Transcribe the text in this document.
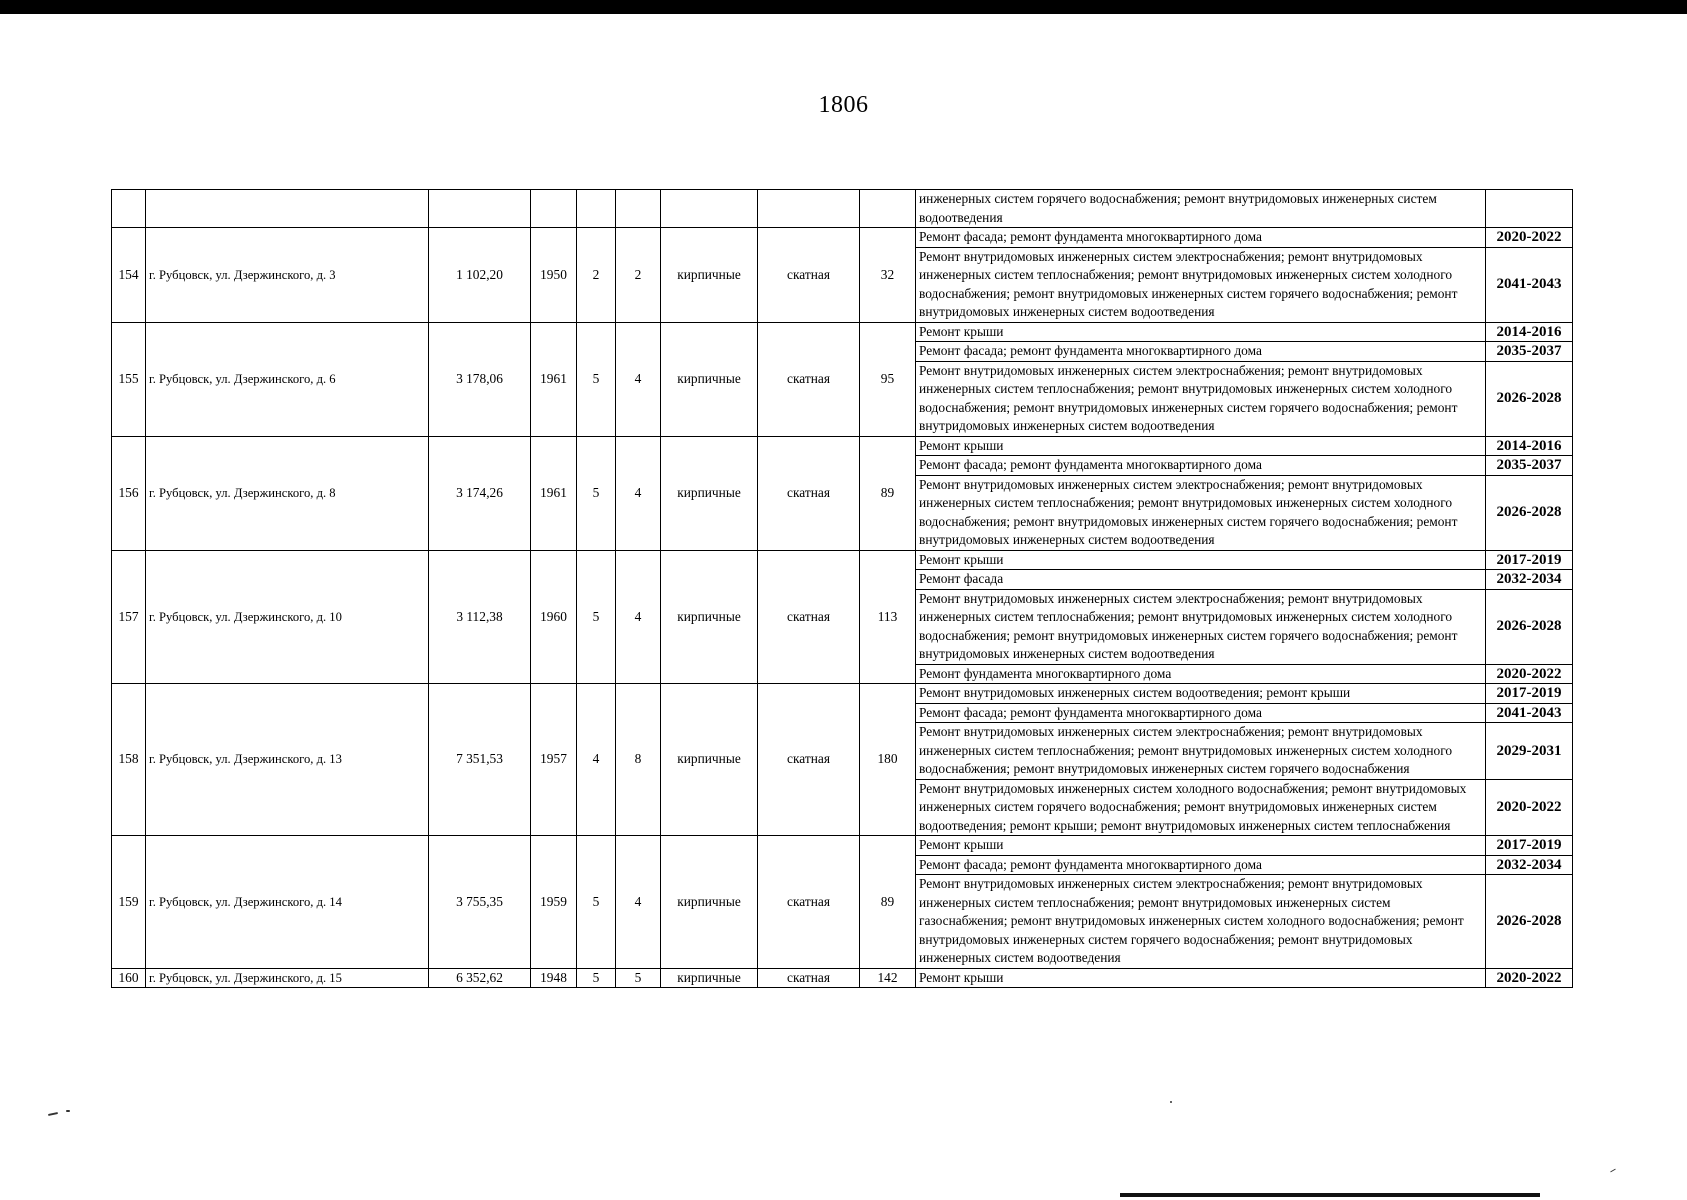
1806
									инженерных систем горячего водоснабжения; ремонт внутридомовых инженерных систем водоотведения	
154	г. Рубцовск, ул. Дзержинского, д. 3	1 102,20	1950	2	2	кирпичные	скатная	32	Ремонт фасада; ремонт фундамента многоквартирного дома	2020-2022
									Ремонт внутридомовых инженерных систем электроснабжения; ремонт внутридомовых инженерных систем теплоснабжения; ремонт внутридомовых инженерных систем холодного водоснабжения; ремонт внутридомовых инженерных систем горячего водоснабжения; ремонт внутридомовых инженерных систем водоотведения	2041-2043
155	г. Рубцовск, ул. Дзержинского, д. 6	3 178,06	1961	5	4	кирпичные	скатная	95	Ремонт крыши	2014-2016
									Ремонт фасада; ремонт фундамента многоквартирного дома	2035-2037
									Ремонт внутридомовых инженерных систем электроснабжения; ремонт внутридомовых инженерных систем теплоснабжения; ремонт внутридомовых инженерных систем холодного водоснабжения; ремонт внутридомовых инженерных систем горячего водоснабжения; ремонт внутридомовых инженерных систем водоотведения	2026-2028
156	г. Рубцовск, ул. Дзержинского, д. 8	3 174,26	1961	5	4	кирпичные	скатная	89	Ремонт крыши	2014-2016
									Ремонт фасада; ремонт фундамента многоквартирного дома	2035-2037
									Ремонт внутридомовых инженерных систем электроснабжения; ремонт внутридомовых инженерных систем теплоснабжения; ремонт внутридомовых инженерных систем холодного водоснабжения; ремонт внутридомовых инженерных систем горячего водоснабжения; ремонт внутридомовых инженерных систем водоотведения	2026-2028
157	г. Рубцовск, ул. Дзержинского, д. 10	3 112,38	1960	5	4	кирпичные	скатная	113	Ремонт крыши	2017-2019
									Ремонт фасада	2032-2034
									Ремонт внутридомовых инженерных систем электроснабжения; ремонт внутридомовых инженерных систем теплоснабжения; ремонт внутридомовых инженерных систем холодного водоснабжения; ремонт внутридомовых инженерных систем горячего водоснабжения; ремонт внутридомовых инженерных систем водоотведения	2026-2028
									Ремонт фундамента многоквартирного дома	2020-2022
158	г. Рубцовск, ул. Дзержинского, д. 13	7 351,53	1957	4	8	кирпичные	скатная	180	Ремонт внутридомовых инженерных систем водоотведения; ремонт крыши	2017-2019
									Ремонт фасада; ремонт фундамента многоквартирного дома	2041-2043
									Ремонт внутридомовых инженерных систем электроснабжения; ремонт внутридомовых инженерных систем теплоснабжения; ремонт внутридомовых инженерных систем холодного водоснабжения; ремонт внутридомовых инженерных систем горячего водоснабжения	2029-2031
									Ремонт внутридомовых инженерных систем холодного водоснабжения; ремонт внутридомовых инженерных систем горячего водоснабжения; ремонт внутридомовых инженерных систем водоотведения; ремонт крыши; ремонт внутридомовых инженерных систем теплоснабжения	2020-2022
159	г. Рубцовск, ул. Дзержинского, д. 14	3 755,35	1959	5	4	кирпичные	скатная	89	Ремонт крыши	2017-2019
									Ремонт фасада; ремонт фундамента многоквартирного дома	2032-2034
									Ремонт внутридомовых инженерных систем электроснабжения; ремонт внутридомовых инженерных систем теплоснабжения; ремонт внутридомовых инженерных систем газоснабжения; ремонт внутридомовых инженерных систем холодного водоснабжения; ремонт внутридомовых инженерных систем горячего водоснабжения; ремонт внутридомовых инженерных систем водоотведения	2026-2028
160	г. Рубцовск, ул. Дзержинского, д. 15	6 352,62	1948	5	5	кирпичные	скатная	142	Ремонт крыши	2020-2022
